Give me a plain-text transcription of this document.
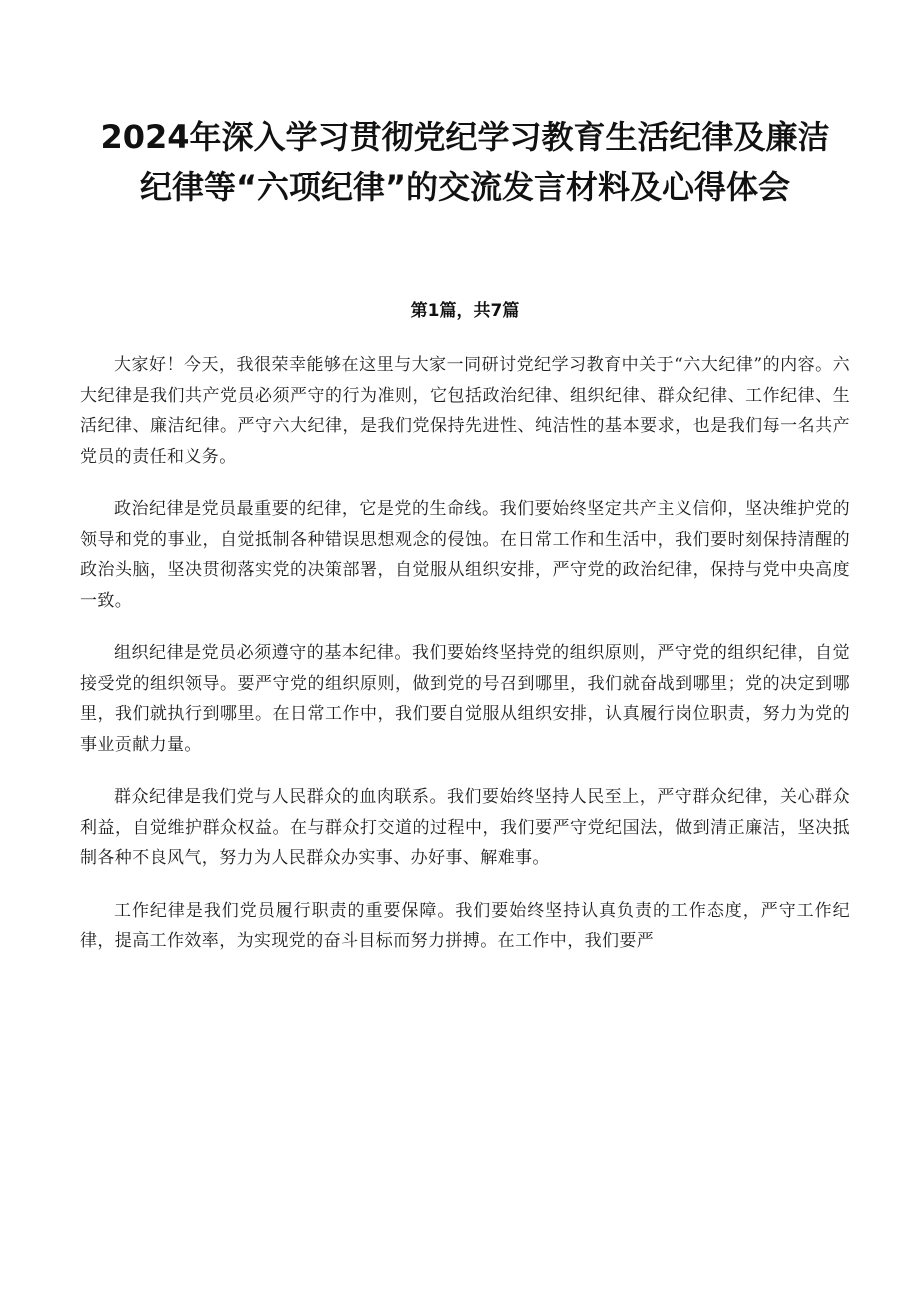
2024年深入学习贯彻党纪学习教育生活纪律及廉洁
纪律等“六项纪律”的交流发言材料及心得体会
第1篇，共7篇

大家好！今天，我很荣幸能够在这里与大家一同研讨党纪学习教育中关于“六大纪律”的内容。六大纪律是我们共产党员必须严守的行为准则，它包括政治纪律、组织纪律、群众纪律、工作纪律、生活纪律、廉洁纪律。严守六大纪律，是我们党保持先进性、纯洁性的基本要求，也是我们每一名共产党员的责任和义务。

政治纪律是党员最重要的纪律，它是党的生命线。我们要始终坚定共产主义信仰，坚决维护党的领导和党的事业，自觉抵制各种错误思想观念的侵蚀。在日常工作和生活中，我们要时刻保持清醒的政治头脑，坚决贯彻落实党的决策部署，自觉服从组织安排，严守党的政治纪律，保持与党中央高度一致。

组织纪律是党员必须遵守的基本纪律。我们要始终坚持党的组织原则，严守党的组织纪律，自觉接受党的组织领导。要严守党的组织原则，做到党的号召到哪里，我们就奋战到哪里；党的决定到哪里，我们就执行到哪里。在日常工作中，我们要自觉服从组织安排，认真履行岗位职责，努力为党的事业贡献力量。

群众纪律是我们党与人民群众的血肉联系。我们要始终坚持人民至上，严守群众纪律，关心群众利益，自觉维护群众权益。在与群众打交道的过程中，我们要严守党纪国法，做到清正廉洁，坚决抵制各种不良风气，努力为人民群众办实事、办好事、解难事。

工作纪律是我们党员履行职责的重要保障。我们要始终坚持认真负责的工作态度，严守工作纪律，提高工作效率，为实现党的奋斗目标而努力拼搏。在工作中，我们要严
